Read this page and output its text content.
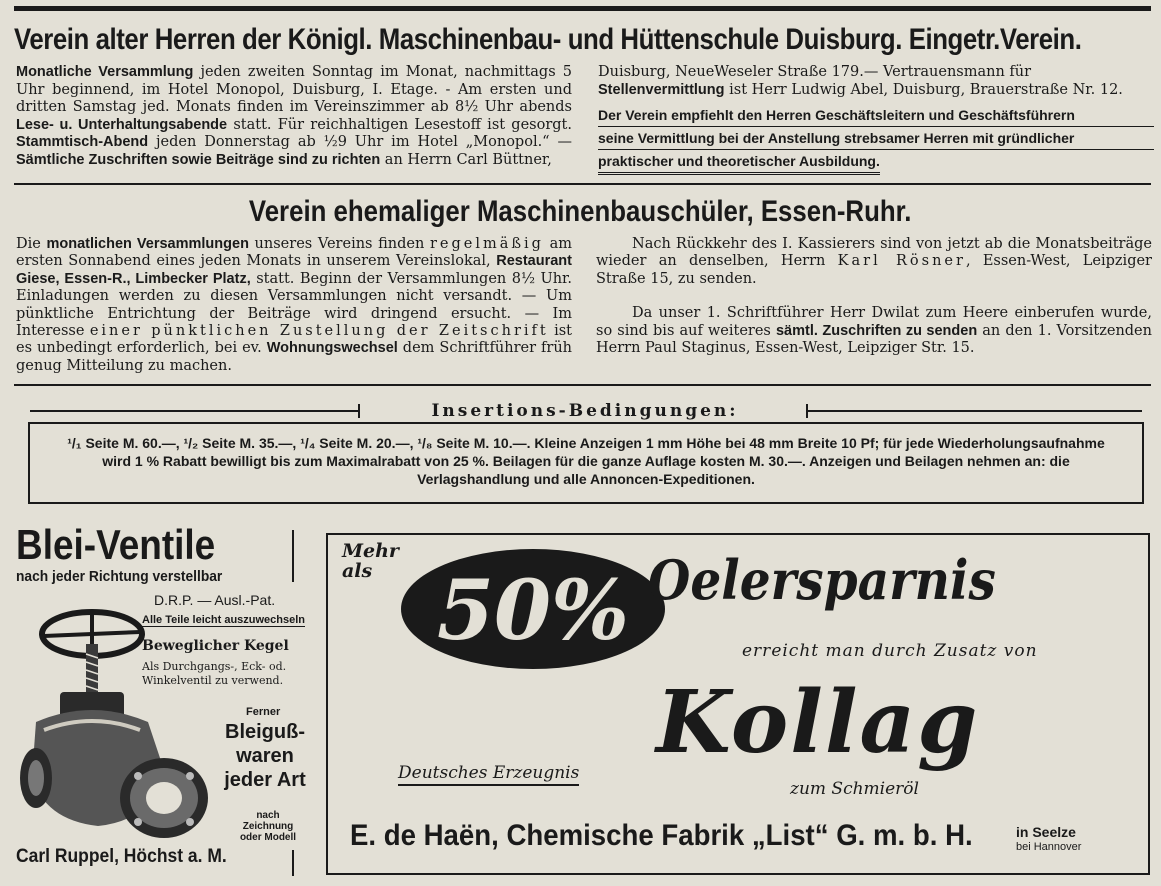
Verein alter Herren der Königl. Maschinenbau- und Hüttenschule Duisburg. Eingetr.Verein.
Monatliche Versammlung jeden zweiten Sonntag im Monat, nachmittags 5 Uhr beginnend, im Hotel Monopol, Duisburg, I. Etage. - Am ersten und dritten Samstag jed. Monats finden im Vereinszimmer ab 8½ Uhr abends Lese- u. Unterhaltungsabende statt. Für reichhaltigen Lesestoff ist gesorgt. Stammtisch-Abend jeden Donnerstag ab ½9 Uhr im Hotel „Monopol.“ — Sämtliche Zuschriften sowie Beiträge sind zu richten an Herrn Carl Büttner,
Duisburg, NeueWeseler Straße 179.— Vertrauensmann für Stellenvermittlung ist Herr Ludwig Abel, Duisburg, Brauerstraße Nr. 12.
Der Verein empfiehlt den Herren Geschäftsleitern und Geschäftsführern
seine Vermittlung bei der Anstellung strebsamer Herren mit gründlicher
praktischer und theoretischer Ausbildung.
Verein ehemaliger Maschinenbauschüler, Essen-Ruhr.
Die monatlichen Versammlungen unseres Vereins finden regelmäßig am ersten Sonnabend eines jeden Monats in unserem Vereinslokal, Restaurant Giese, Essen-R., Limbecker Platz, statt. Beginn der Versammlungen 8½ Uhr. Einladungen werden zu diesen Versammlungen nicht versandt. — Um pünktliche Entrichtung der Beiträge wird dringend ersucht. — Im Interesse einer pünktlichen Zustellung der Zeitschrift ist es unbedingt erforderlich, bei ev. Wohnungswechsel dem Schriftführer früh genug Mitteilung zu machen.

Nach Rückkehr des I. Kassierers sind von jetzt ab die Monatsbeiträge wieder an denselben, Herrn Karl Rösner, Essen-West, Leipziger Straße 15, zu senden.

Da unser 1. Schriftführer Herr Dwilat zum Heere einberufen wurde, so sind bis auf weiteres sämtl. Zuschriften zu senden an den 1. Vorsitzenden Herrn Paul Staginus, Essen-West, Leipziger Str. 15.

Insertions-Bedingungen:
¹/₁ Seite M. 60.—, ¹/₂ Seite M. 35.—, ¹/₄ Seite M. 20.—, ¹/₈ Seite M. 10.—. Kleine Anzeigen 1 mm Höhe bei 48 mm Breite 10 Pf; für jede Wiederholungsaufnahme wird 1 % Rabatt bewilligt bis zum Maximalrabatt von 25 %. Beilagen für die ganze Auflage kosten M. 30.—. Anzeigen und Beilagen nehmen an: die Verlagshandlung und alle Annoncen-Expeditionen.
Blei-Ventile
nach jeder Richtung verstellbar
D.R.P. — Ausl.-Pat.
Alle Teile leicht auszuwechseln
Beweglicher Kegel
Als Durchgangs-, Eck- od. Winkelventil zu verwend.
Ferner
Bleiguß-
waren
jeder Art
nach Zeichnung
oder Modell
Carl Ruppel, Höchst a. M.
Mehr
als 50% Oelersparnis
erreicht man durch Zusatz von
Kollag
Deutsches Erzeugnis
zum Schmieröl
E. de Haën, Chemische Fabrik „List“ G. m. b. H.	in Seelze
bei Hannover
